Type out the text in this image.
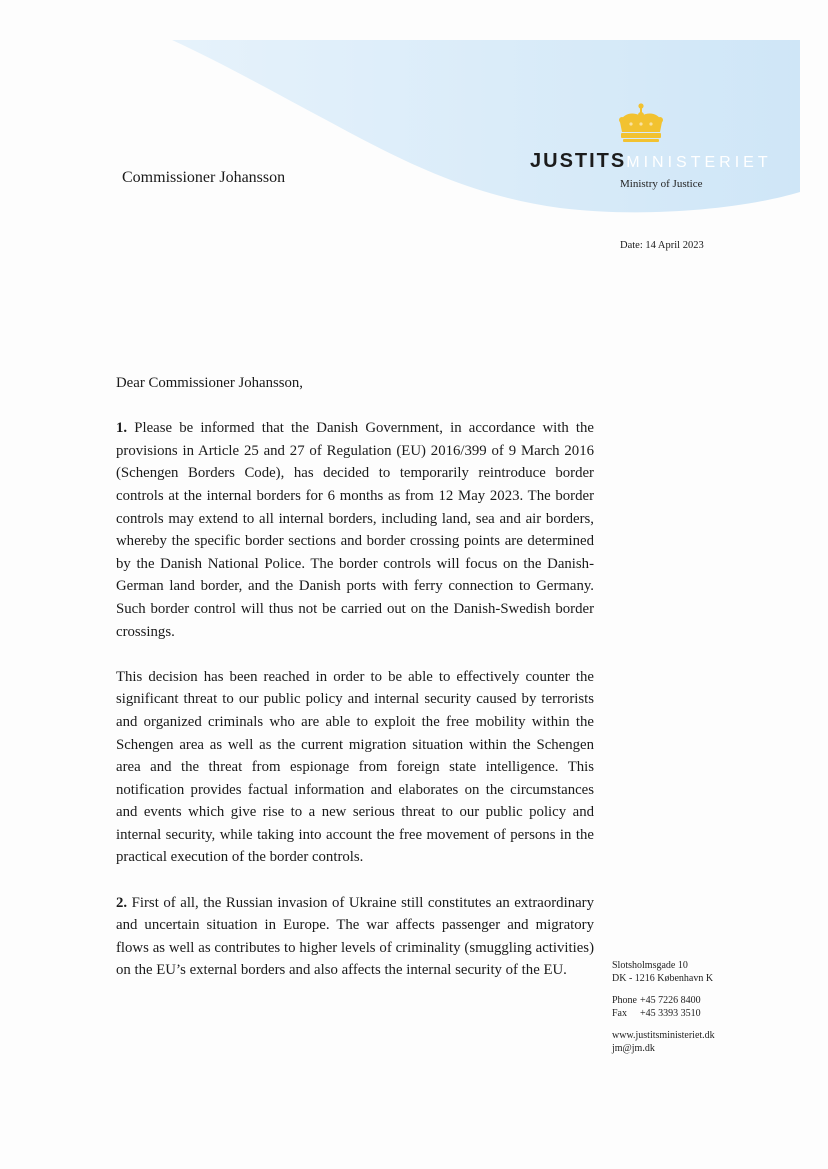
JUSTITSMINISTERIET
Ministry of Justice
Commissioner Johansson
Date: 14 April 2023

Dear Commissioner Johansson,

1. Please be informed that the Danish Government, in accordance with the provisions in Article 25 and 27 of Regulation (EU) 2016/399 of 9 March 2016 (Schengen Borders Code), has decided to temporarily reintroduce border controls at the internal borders for 6 months as from 12 May 2023. The border controls may extend to all internal borders, including land, sea and air borders, whereby the specific border sections and border crossing points are determined by the Danish National Police. The border controls will focus on the Danish-German land border, and the Danish ports with ferry connection to Germany. Such border control will thus not be carried out on the Danish-Swedish border crossings.

This decision has been reached in order to be able to effectively counter the significant threat to our public policy and internal security caused by terrorists and organized criminals who are able to exploit the free mobility within the Schengen area as well as the current migration situation within the Schengen area and the threat from espionage from foreign state intelligence. This notification provides factual information and elaborates on the circumstances and events which give rise to a new serious threat to our public policy and internal security, while taking into account the free movement of persons in the practical execution of the border controls.

2. First of all, the Russian invasion of Ukraine still constitutes an extraordinary and uncertain situation in Europe. The war affects passenger and migratory flows as well as contributes to higher levels of criminality (smuggling activities) on the EU’s external borders and also affects the internal security of the EU.	Slotsholmsgade 10
DK - 1216 København K
Phone +45 7226 8400
Fax	+45 3393 3510
www.justitsministeriet.dk
jm@jm.dk
